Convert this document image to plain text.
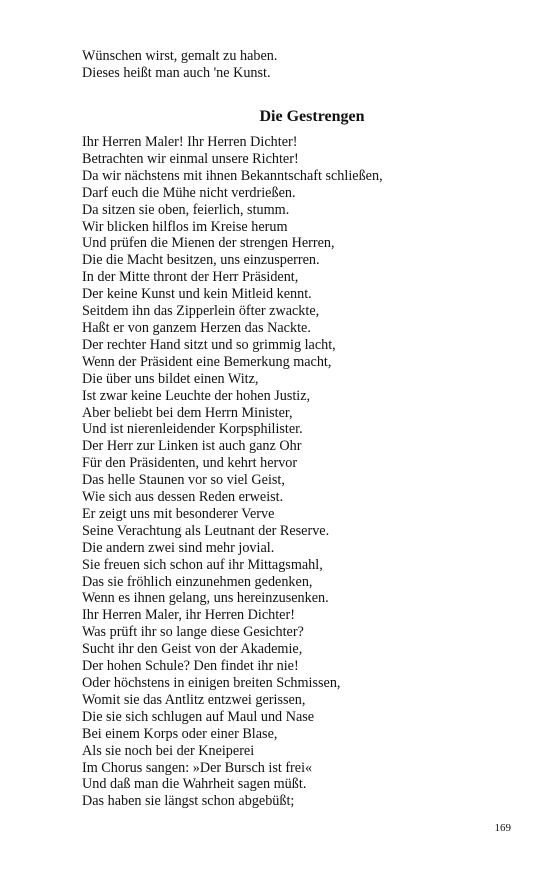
Wünschen wirst, gemalt zu haben.
Dieses heißt man auch 'ne Kunst.
Die Gestrengen
Ihr Herren Maler! Ihr Herren Dichter!
Betrachten wir einmal unsere Richter!
Da wir nächstens mit ihnen Bekanntschaft schließen,
Darf euch die Mühe nicht verdrießen.
Da sitzen sie oben, feierlich, stumm.
Wir blicken hilflos im Kreise herum
Und prüfen die Mienen der strengen Herren,
Die die Macht besitzen, uns einzusperren.
In der Mitte thront der Herr Präsident,
Der keine Kunst und kein Mitleid kennt.
Seitdem ihn das Zipperlein öfter zwackte,
Haßt er von ganzem Herzen das Nackte.
Der rechter Hand sitzt und so grimmig lacht,
Wenn der Präsident eine Bemerkung macht,
Die über uns bildet einen Witz,
Ist zwar keine Leuchte der hohen Justiz,
Aber beliebt bei dem Herrn Minister,
Und ist nierenleidender Korpsphilister.
Der Herr zur Linken ist auch ganz Ohr
Für den Präsidenten, und kehrt hervor
Das helle Staunen vor so viel Geist,
Wie sich aus dessen Reden erweist.
Er zeigt uns mit besonderer Verve
Seine Verachtung als Leutnant der Reserve.
Die andern zwei sind mehr jovial.
Sie freuen sich schon auf ihr Mittagsmahl,
Das sie fröhlich einzunehmen gedenken,
Wenn es ihnen gelang, uns hereinzusenken.
Ihr Herren Maler, ihr Herren Dichter!
Was prüft ihr so lange diese Gesichter?
Sucht ihr den Geist von der Akademie,
Der hohen Schule? Den findet ihr nie!
Oder höchstens in einigen breiten Schmissen,
Womit sie das Antlitz entzwei gerissen,
Die sie sich schlugen auf Maul und Nase
Bei einem Korps oder einer Blase,
Als sie noch bei der Kneiperei
Im Chorus sangen: »Der Bursch ist frei«
Und daß man die Wahrheit sagen müßt.
Das haben sie längst schon abgebüßt;
169
